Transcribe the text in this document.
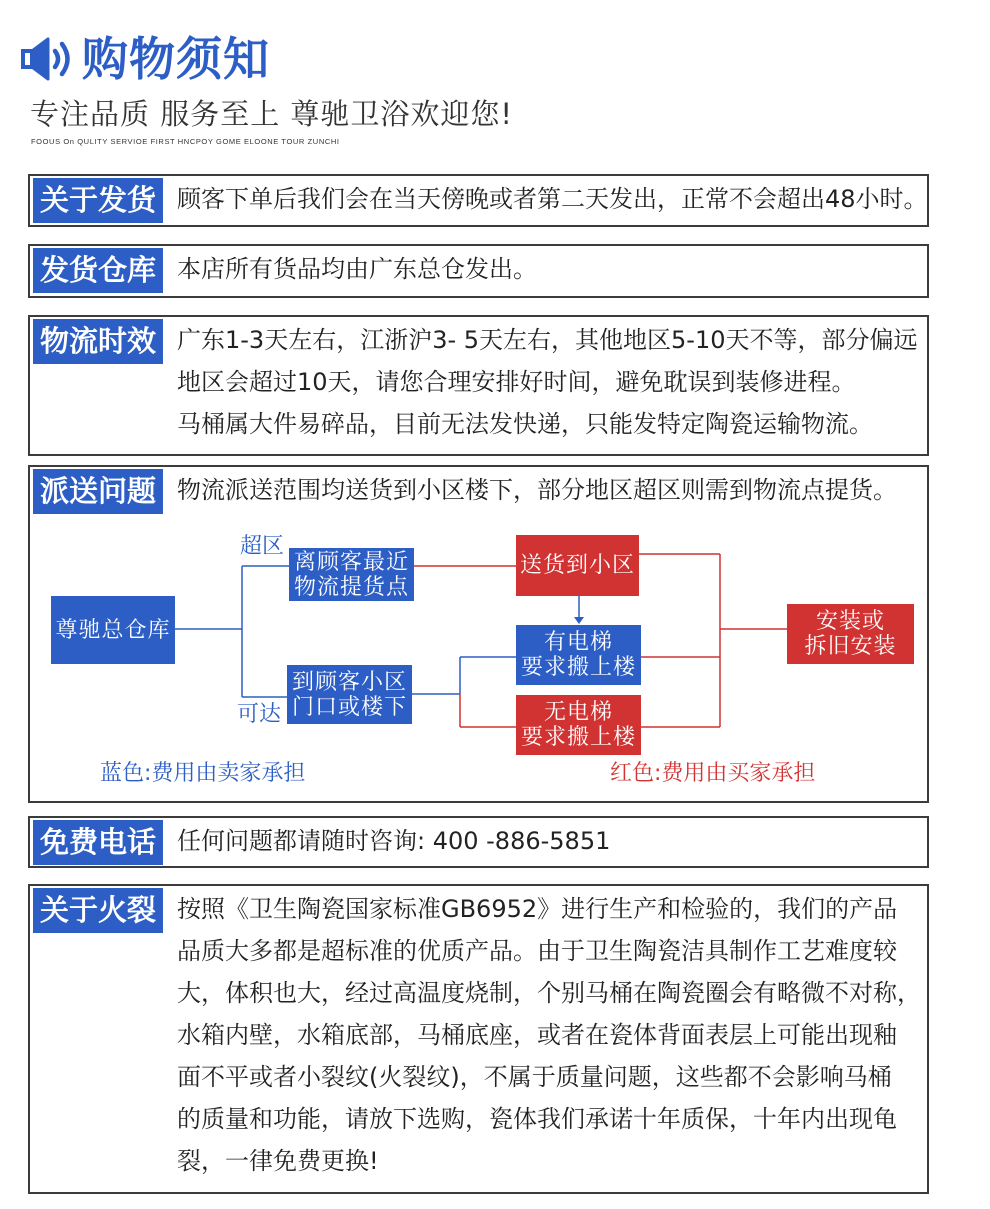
购物须知
专注品质 服务至上 尊驰卫浴欢迎您!
FOOUS On QULITY SERVIOE FIRST HNCPOY GOME ELOONE TOUR ZUNCHI
关于发货 顾客下单后我们会在当天傍晚或者第二天发出，正常不会超出48小时。
发货仓库 本店所有货品均由广东总仓发出。
物流时效 广东1-3天左右，江浙沪3- 5天左右，其他地区5-10天不等，部分偏远
地区会超过10天，请您合理安排好时间，避免耽误到装修进程。
马桶属大件易碎品，目前无法发快递，只能发特定陶瓷运输物流。
派送问题 物流派送范围均送货到小区楼下，部分地区超区则需到物流点提货。
超区
可达
尊驰总仓库
离顾客最近
物流提货点
到顾客小区
门口或楼下
送货到小区
有电梯
要求搬上楼
无电梯
要求搬上楼
安装或
拆旧安装
蓝色:费用由卖家承担	红色:费用由买家承担
免费电话 任何问题都请随时咨询: 400 -886-5851
关于火裂 按照《卫生陶瓷国家标准GB6952》进行生产和检验的，我们的产品
品质大多都是超标准的优质产品。由于卫生陶瓷洁具制作工艺难度较
大，体积也大，经过高温度烧制，个别马桶在陶瓷圈会有略微不对称，
水箱内壁，水箱底部，马桶底座，或者在瓷体背面表层上可能出现釉
面不平或者小裂纹(火裂纹)，不属于质量问题，这些都不会影响马桶
的质量和功能，请放下选购，瓷体我们承诺十年质保，十年内出现龟
裂，一律免费更换!
